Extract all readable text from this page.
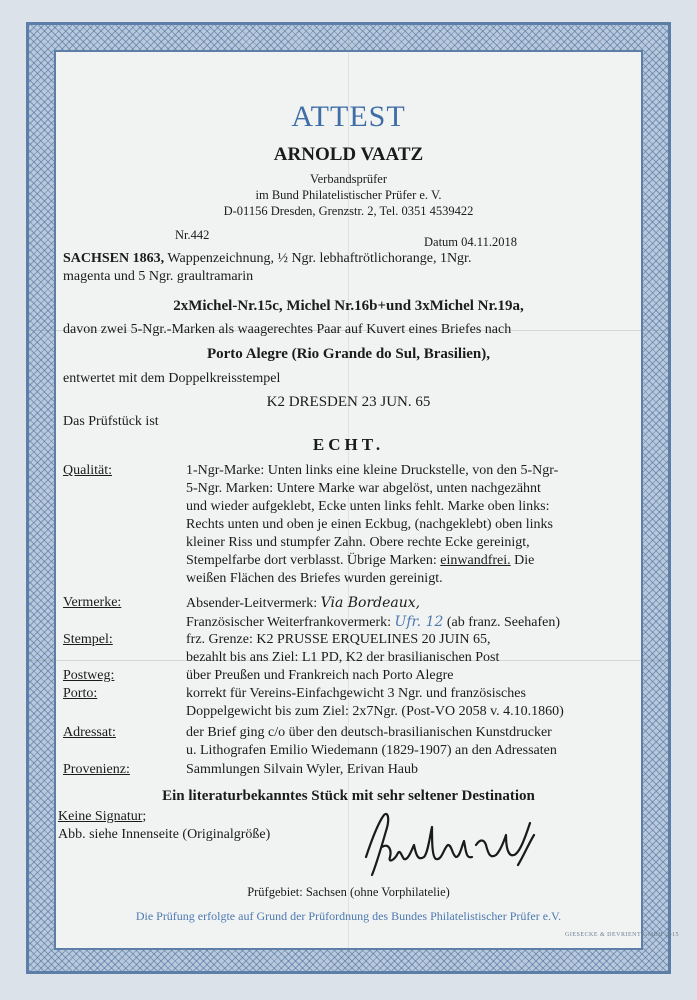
ATTEST
ARNOLD VAATZ
Verbandsprüfer
im Bund Philatelistischer Prüfer e. V.
D-01156 Dresden, Grenzstr. 2, Tel. 0351 4539422
Nr.442	Datum 04.11.2018
SACHSEN 1863, Wappenzeichnung, ½ Ngr. lebhaftrötlichorange, 1Ngr.
magenta und 5 Ngr. graultramarin
2xMichel-Nr.15c, Michel Nr.16b+und 3xMichel Nr.19a,
davon zwei 5-Ngr.-Marken als waagerechtes Paar auf Kuvert eines Briefes nach
Porto Alegre (Rio Grande do Sul, Brasilien),
entwertet mit dem Doppelkreisstempel
K2 DRESDEN 23 JUN. 65
Das Prüfstück ist
ECHT.
Qualität:	1-Ngr-Marke: Unten links eine kleine Druckstelle, von den 5-Ngr-
5-Ngr. Marken: Untere Marke war abgelöst, unten nachgezähnt
und wieder aufgeklebt, Ecke unten links fehlt. Marke oben links:
Rechts unten und oben je einen Eckbug, (nachgeklebt) oben links
kleiner Riss und stumpfer Zahn. Obere rechte Ecke gereinigt,
Stempelfarbe dort verblasst. Übrige Marken: einwandfrei. Die
weißen Flächen des Briefes wurden gereinigt.
Vermerke:	Absender-Leitvermerk: Via Bordeaux,
Französischer Weiterfrankovermerk: Ufr. 12 (ab franz. Seehafen)
Stempel:	frz. Grenze: K2 PRUSSE ERQUELINES 20 JUIN 65,
bezahlt bis ans Ziel: L1 PD, K2 der brasilianischen Post
Postweg:	über Preußen und Frankreich nach Porto Alegre
Porto:	korrekt für Vereins-Einfachgewicht 3 Ngr. und französisches
Doppelgewicht bis zum Ziel: 2x7Ngr. (Post-VO 2058 v. 4.10.1860)
Adressat:	der Brief ging c/o über den deutsch-brasilianischen Kunstdrucker
u. Lithografen Emilio Wiedemann (1829-1907) an den Adressaten
Provenienz:	Sammlungen Silvain Wyler, Erivan Haub
Ein literaturbekanntes Stück mit sehr seltener Destination
Keine Signatur;
Abb. siehe Innenseite (Originalgröße)
Prüfgebiet: Sachsen (ohne Vorphilatelie)
Die Prüfung erfolgte auf Grund der Prüfordnung des Bundes Philatelistischer Prüfer e.V.
GIESECKE & DEVRIENT GMBH 2015
